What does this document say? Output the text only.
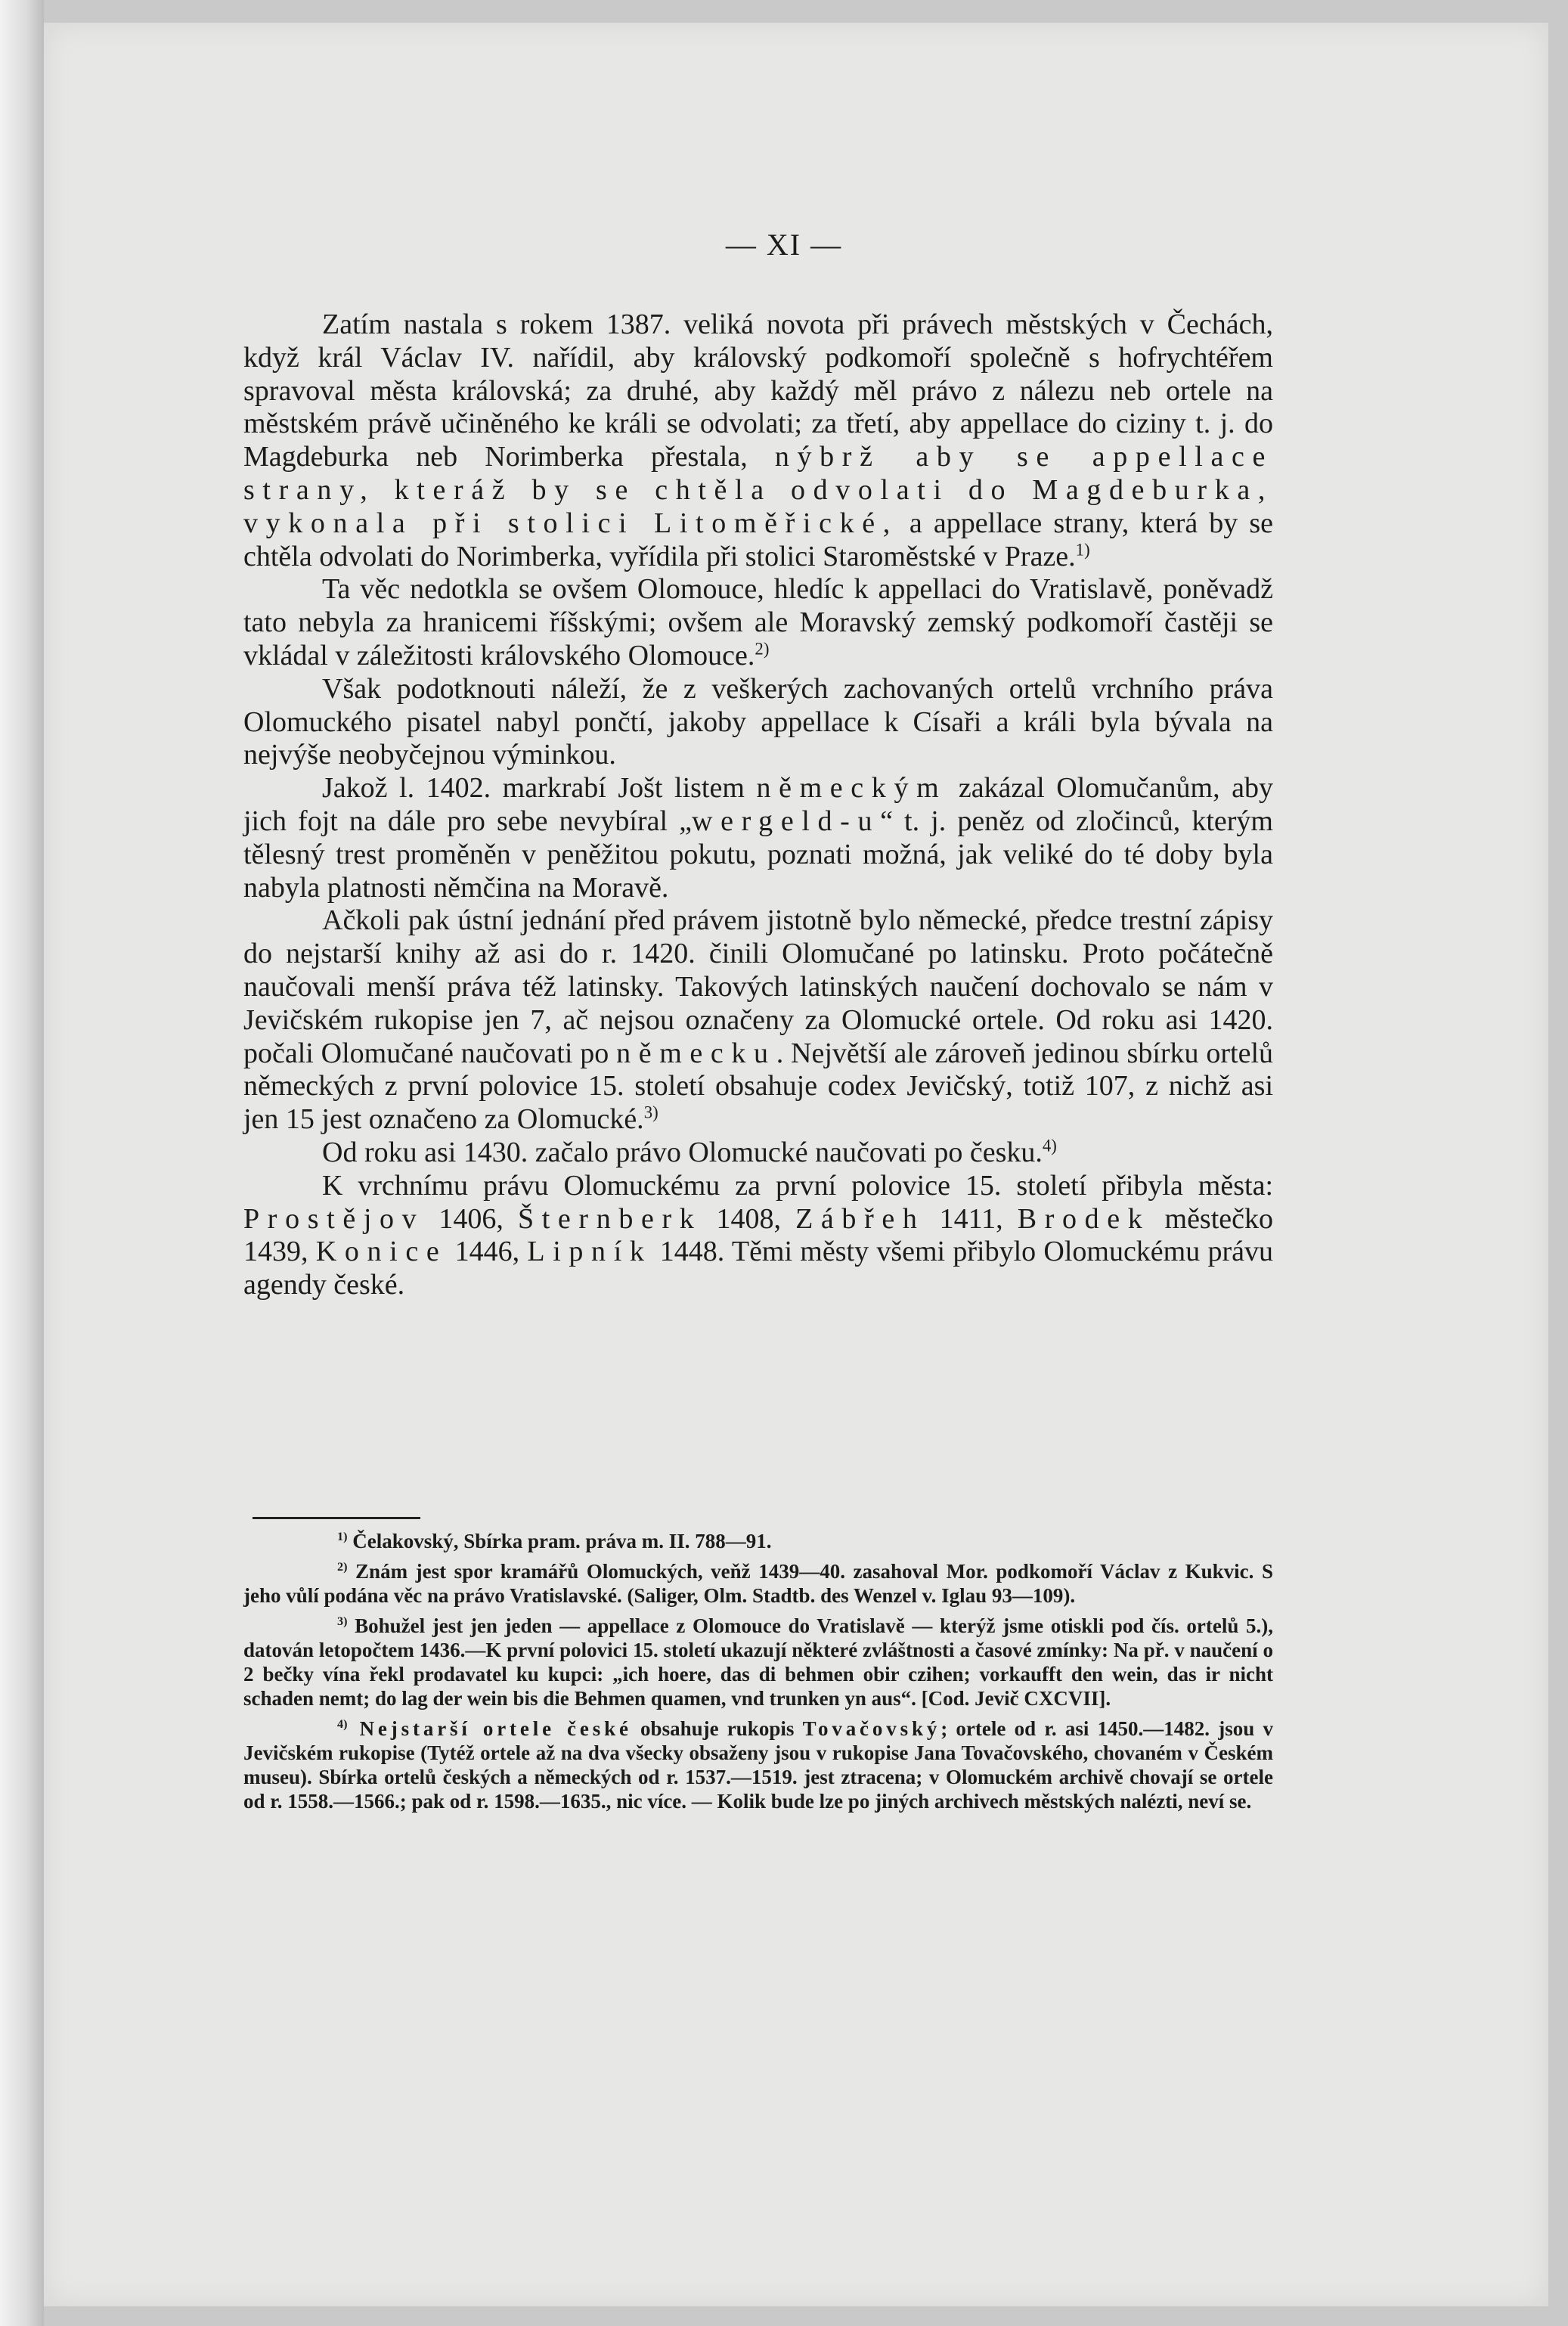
— XI —

Zatím nastala s rokem 1387. veliká novota při právech městských v Čechách, když král Václav IV. nařídil, aby královský podkomoří společně s hofrychtéřem spravoval města královská; za druhé, aby každý měl právo z nálezu neb ortele na městském právě učiněného ke králi se odvolati; za třetí, aby appellace do ciziny t. j. do Magdeburka neb Norimberka přestala, nýbrž aby se appellace strany, kteráž by se chtěla odvolati do Magdeburka, vykonala při stolici Litoměřické, a appellace strany, která by se chtěla odvolati do Norimberka, vyřídila při stolici Staroměstské v Praze.$^{1)}$

Ta věc nedotkla se ovšem Olomouce, hledíc k appellaci do Vratislavě, poněvadž tato nebyla za hranicemi říšskými; ovšem ale Moravský zemský podkomoří častěji se vkládal v záležitosti královského Olomouce.$^{2)}$

Však podotknouti náleží, že z veškerých zachovaných ortelů vrchního práva Olomuckého pisatel nabyl pončtí, jakoby appellace k Císaři a králi byla bývala na nejvýše neobyčejnou výminkou.

Jakož l. 1402. markrabí Jošt listem německým zakázal Olomučanům, aby jich fojt na dále pro sebe nevybíral „wergeld-u“ t. j. peněz od zločinců, kterým tělesný trest proměněn v peněžitou pokutu, poznati možná, jak veliké do té doby byla nabyla platnosti němčina na Moravě.

Ačkoli pak ústní jednání před právem jistotně bylo německé, předce trestní zápisy do nejstarší knihy až asi do r. 1420. činili Olomučané po latinsku. Proto počátečně naučovali menší práva též latinsky. Takových latinských naučení dochovalo se nám v Jevičském rukopise jen 7, ač nejsou označeny za Olomucké ortele. Od roku asi 1420. počali Olomučané naučovati po německu. Největší ale zároveň jedinou sbírku ortelů německých z první polovice 15. století obsahuje codex Jevičský, totiž 107, z nichž asi jen 15 jest označeno za Olomucké.$^{3)}$

Od roku asi 1430. začalo právo Olomucké naučovati po česku.$^{4)}$

K vrchnímu právu Olomuckému za první polovice 15. století přibyla města: Prostějov 1406, Šternberk 1408, Zábřeh 1411, Brodek městečko 1439, Konice 1446, Lipník 1448. Těmi městy všemi přibylo Olomuckému právu agendy české.

$^{1)}$ Čelakovský, Sbírka pram. práva m. II. 788—91.

$^{2)}$ Znám jest spor kramářů Olomuckých, veňž 1439—40. zasahoval Mor. podkomoří Václav z Kukvic. S jeho vůlí podána věc na právo Vratislavské. (Saliger, Olm. Stadtb. des Wenzel v. Iglau 93—109).

$^{3)}$ Bohužel jest jen jeden — appellace z Olomouce do Vratislavě — kterýž jsme otiskli pod čís. ortelů 5.), datován letopočtem 1436.—K první polovici 15. století ukazují některé zvláštnosti a časové zmínky: Na př. v naučení o 2 bečky vína řekl prodavatel ku kupci: „ich hoere, das di behmen obir czihen; vorkaufft den wein, das ir nicht schaden nemt; do lag der wein bis die Behmen quamen, vnd trunken yn aus“. [Cod. Jevič CXCVII].

$^{4)}$ Nejstarší ortele české obsahuje rukopis Tovačovský; ortele od r. asi 1450.—1482. jsou v Jevičském rukopise (Tytéž ortele až na dva všecky obsaženy jsou v rukopise Jana Tovačovského, chovaném v Českém museu). Sbírka ortelů českých a německých od r. 1537.—1519. jest ztracena; v Olomuckém archivě chovají se ortele od r. 1558.—1566.; pak od r. 1598.—1635., nic více. — Kolik bude lze po jiných archivech městských nalézti, neví se.
